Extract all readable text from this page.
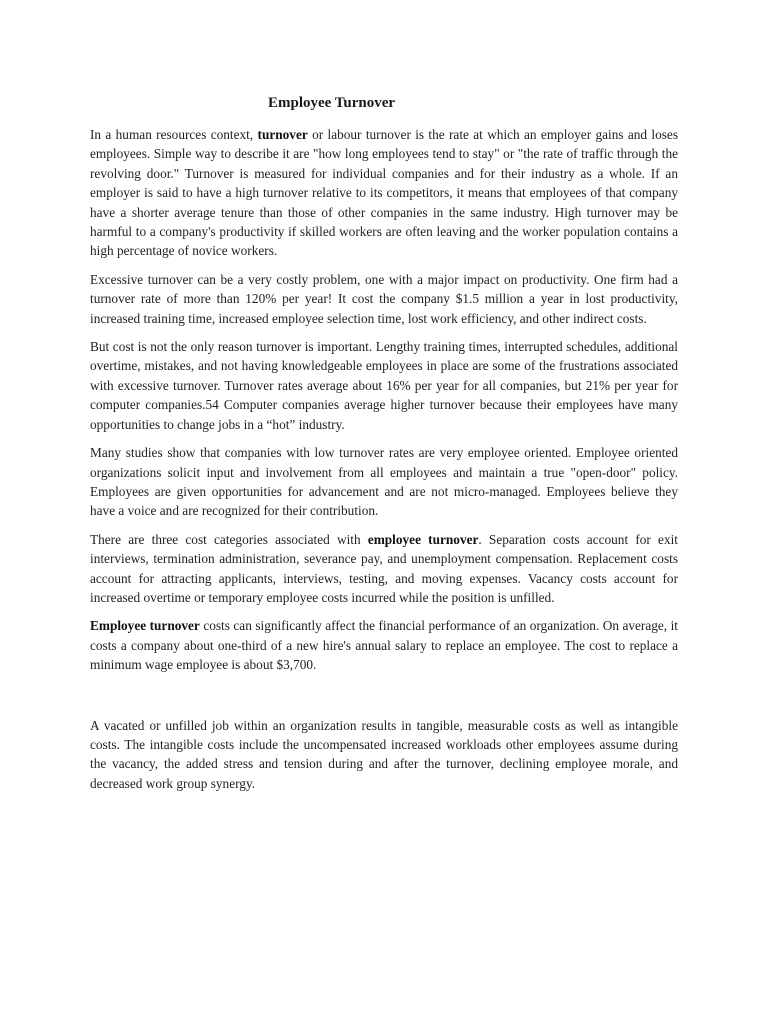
Employee Turnover

In a human resources context, turnover or labour turnover is the rate at which an employer gains and loses employees. Simple way to describe it are "how long employees tend to stay" or "the rate of traffic through the revolving door." Turnover is measured for individual companies and for their industry as a whole. If an employer is said to have a high turnover relative to its competitors, it means that employees of that company have a shorter average tenure than those of other companies in the same industry. High turnover may be harmful to a company's productivity if skilled workers are often leaving and the worker population contains a high percentage of novice workers.

Excessive turnover can be a very costly problem, one with a major impact on productivity. One firm had a turnover rate of more than 120% per year! It cost the company $1.5 million a year in lost productivity, increased training time, increased employee selection time, lost work efficiency, and other indirect costs.

But cost is not the only reason turnover is important. Lengthy training times, interrupted schedules, additional overtime, mistakes, and not having knowledgeable employees in place are some of the frustrations associated with excessive turnover. Turnover rates average about 16% per year for all companies, but 21% per year for computer companies.54 Computer companies average higher turnover because their employees have many opportunities to change jobs in a “hot” industry.

Many studies show that companies with low turnover rates are very employee oriented. Employee oriented organizations solicit input and involvement from all employees and maintain a true "open-door" policy. Employees are given opportunities for advancement and are not micro-managed. Employees believe they have a voice and are recognized for their contribution.

There are three cost categories associated with employee turnover. Separation costs account for exit interviews, termination administration, severance pay, and unemployment compensation. Replacement costs account for attracting applicants, interviews, testing, and moving expenses. Vacancy costs account for increased overtime or temporary employee costs incurred while the position is unfilled.

Employee turnover costs can significantly affect the financial performance of an organization. On average, it costs a company about one-third of a new hire's annual salary to replace an employee. The cost to replace a minimum wage employee is about $3,700.

A vacated or unfilled job within an organization results in tangible, measurable costs as well as intangible costs. The intangible costs include the uncompensated increased workloads other employees assume during the vacancy, the added stress and tension during and after the turnover, declining employee morale, and decreased work group synergy.
